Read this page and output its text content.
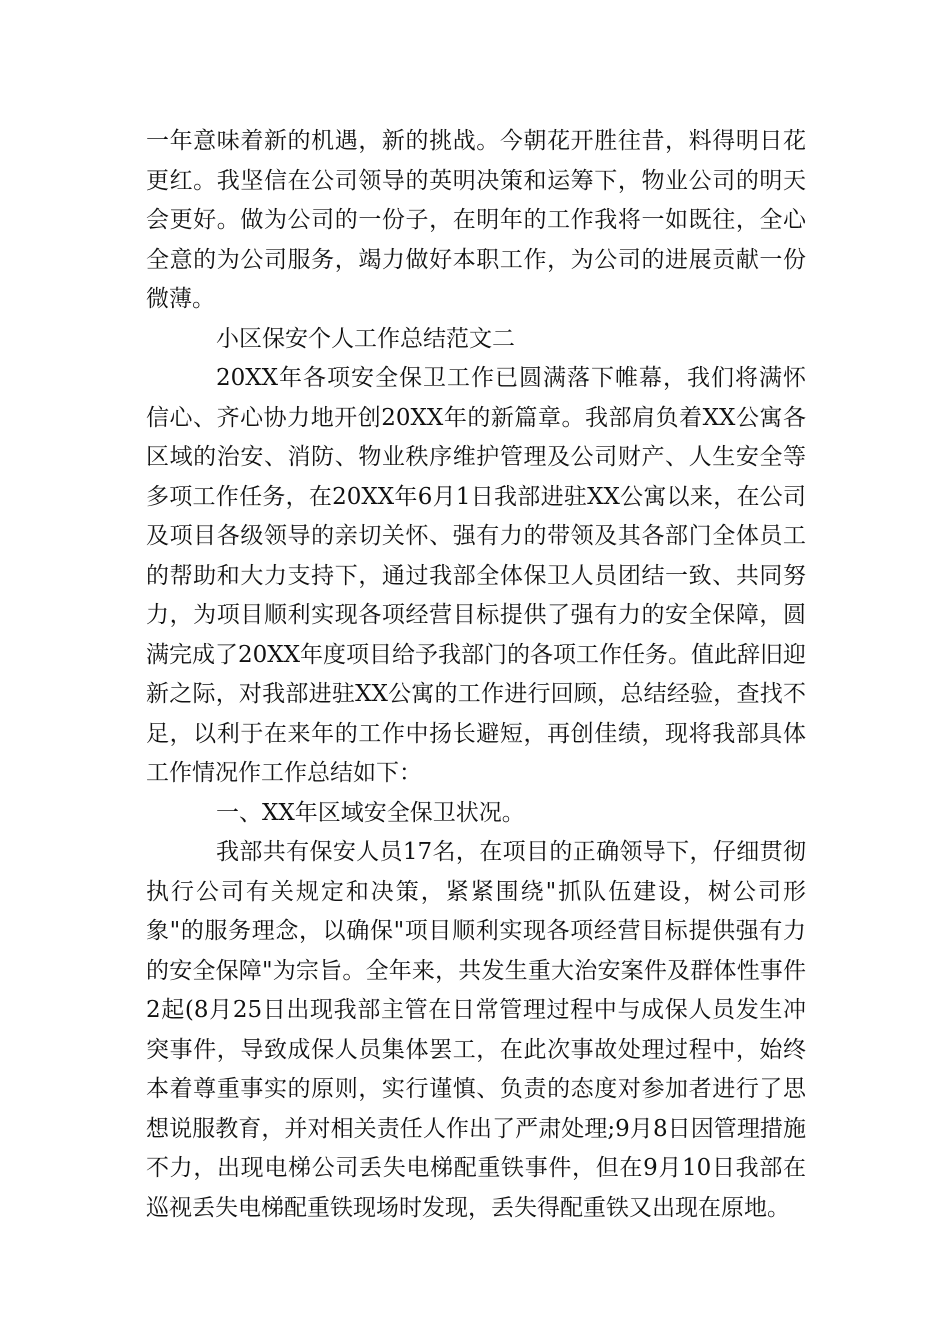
一年意味着新的机遇，新的挑战。今朝花开胜往昔，料得明日花更红。我坚信在公司领导的英明决策和运筹下，物业公司的明天会更好。做为公司的一份子，在明年的工作我将一如既往，全心全意的为公司服务，竭力做好本职工作，为公司的进展贡献一份微薄。

小区保安个人工作总结范文二

20XX年各项安全保卫工作已圆满落下帷幕，我们将满怀信心、齐心协力地开创20XX年的新篇章。我部肩负着XX公寓各区域的治安、消防、物业秩序维护管理及公司财产、人生安全等多项工作任务，在20XX年6月1日我部进驻XX公寓以来，在公司及项目各级领导的亲切关怀、强有力的带领及其各部门全体员工的帮助和大力支持下，通过我部全体保卫人员团结一致、共同努力，为项目顺利实现各项经营目标提供了强有力的安全保障，圆满完成了20XX年度项目给予我部门的各项工作任务。值此辞旧迎新之际，对我部进驻XX公寓的工作进行回顾，总结经验，查找不足，以利于在来年的工作中扬长避短，再创佳绩，现将我部具体工作情况作工作总结如下：

一、XX年区域安全保卫状况。

我部共有保安人员17名，在项目的正确领导下，仔细贯彻执行公司有关规定和决策，紧紧围绕"抓队伍建设，树公司形象"的服务理念，以确保"项目顺利实现各项经营目标提供强有力的安全保障"为宗旨。全年来，共发生重大治安案件及群体性事件2起(8月25日出现我部主管在日常管理过程中与成保人员发生冲突事件，导致成保人员集体罢工，在此次事故处理过程中，始终本着尊重事实的原则，实行谨慎、负责的态度对参加者进行了思想说服教育，并对相关责任人作出了严肃处理;9月8日因管理措施不力，出现电梯公司丢失电梯配重铁事件，但在9月10日我部在巡视丢失电梯配重铁现场时发现，丢失得配重铁又出现在原地。
